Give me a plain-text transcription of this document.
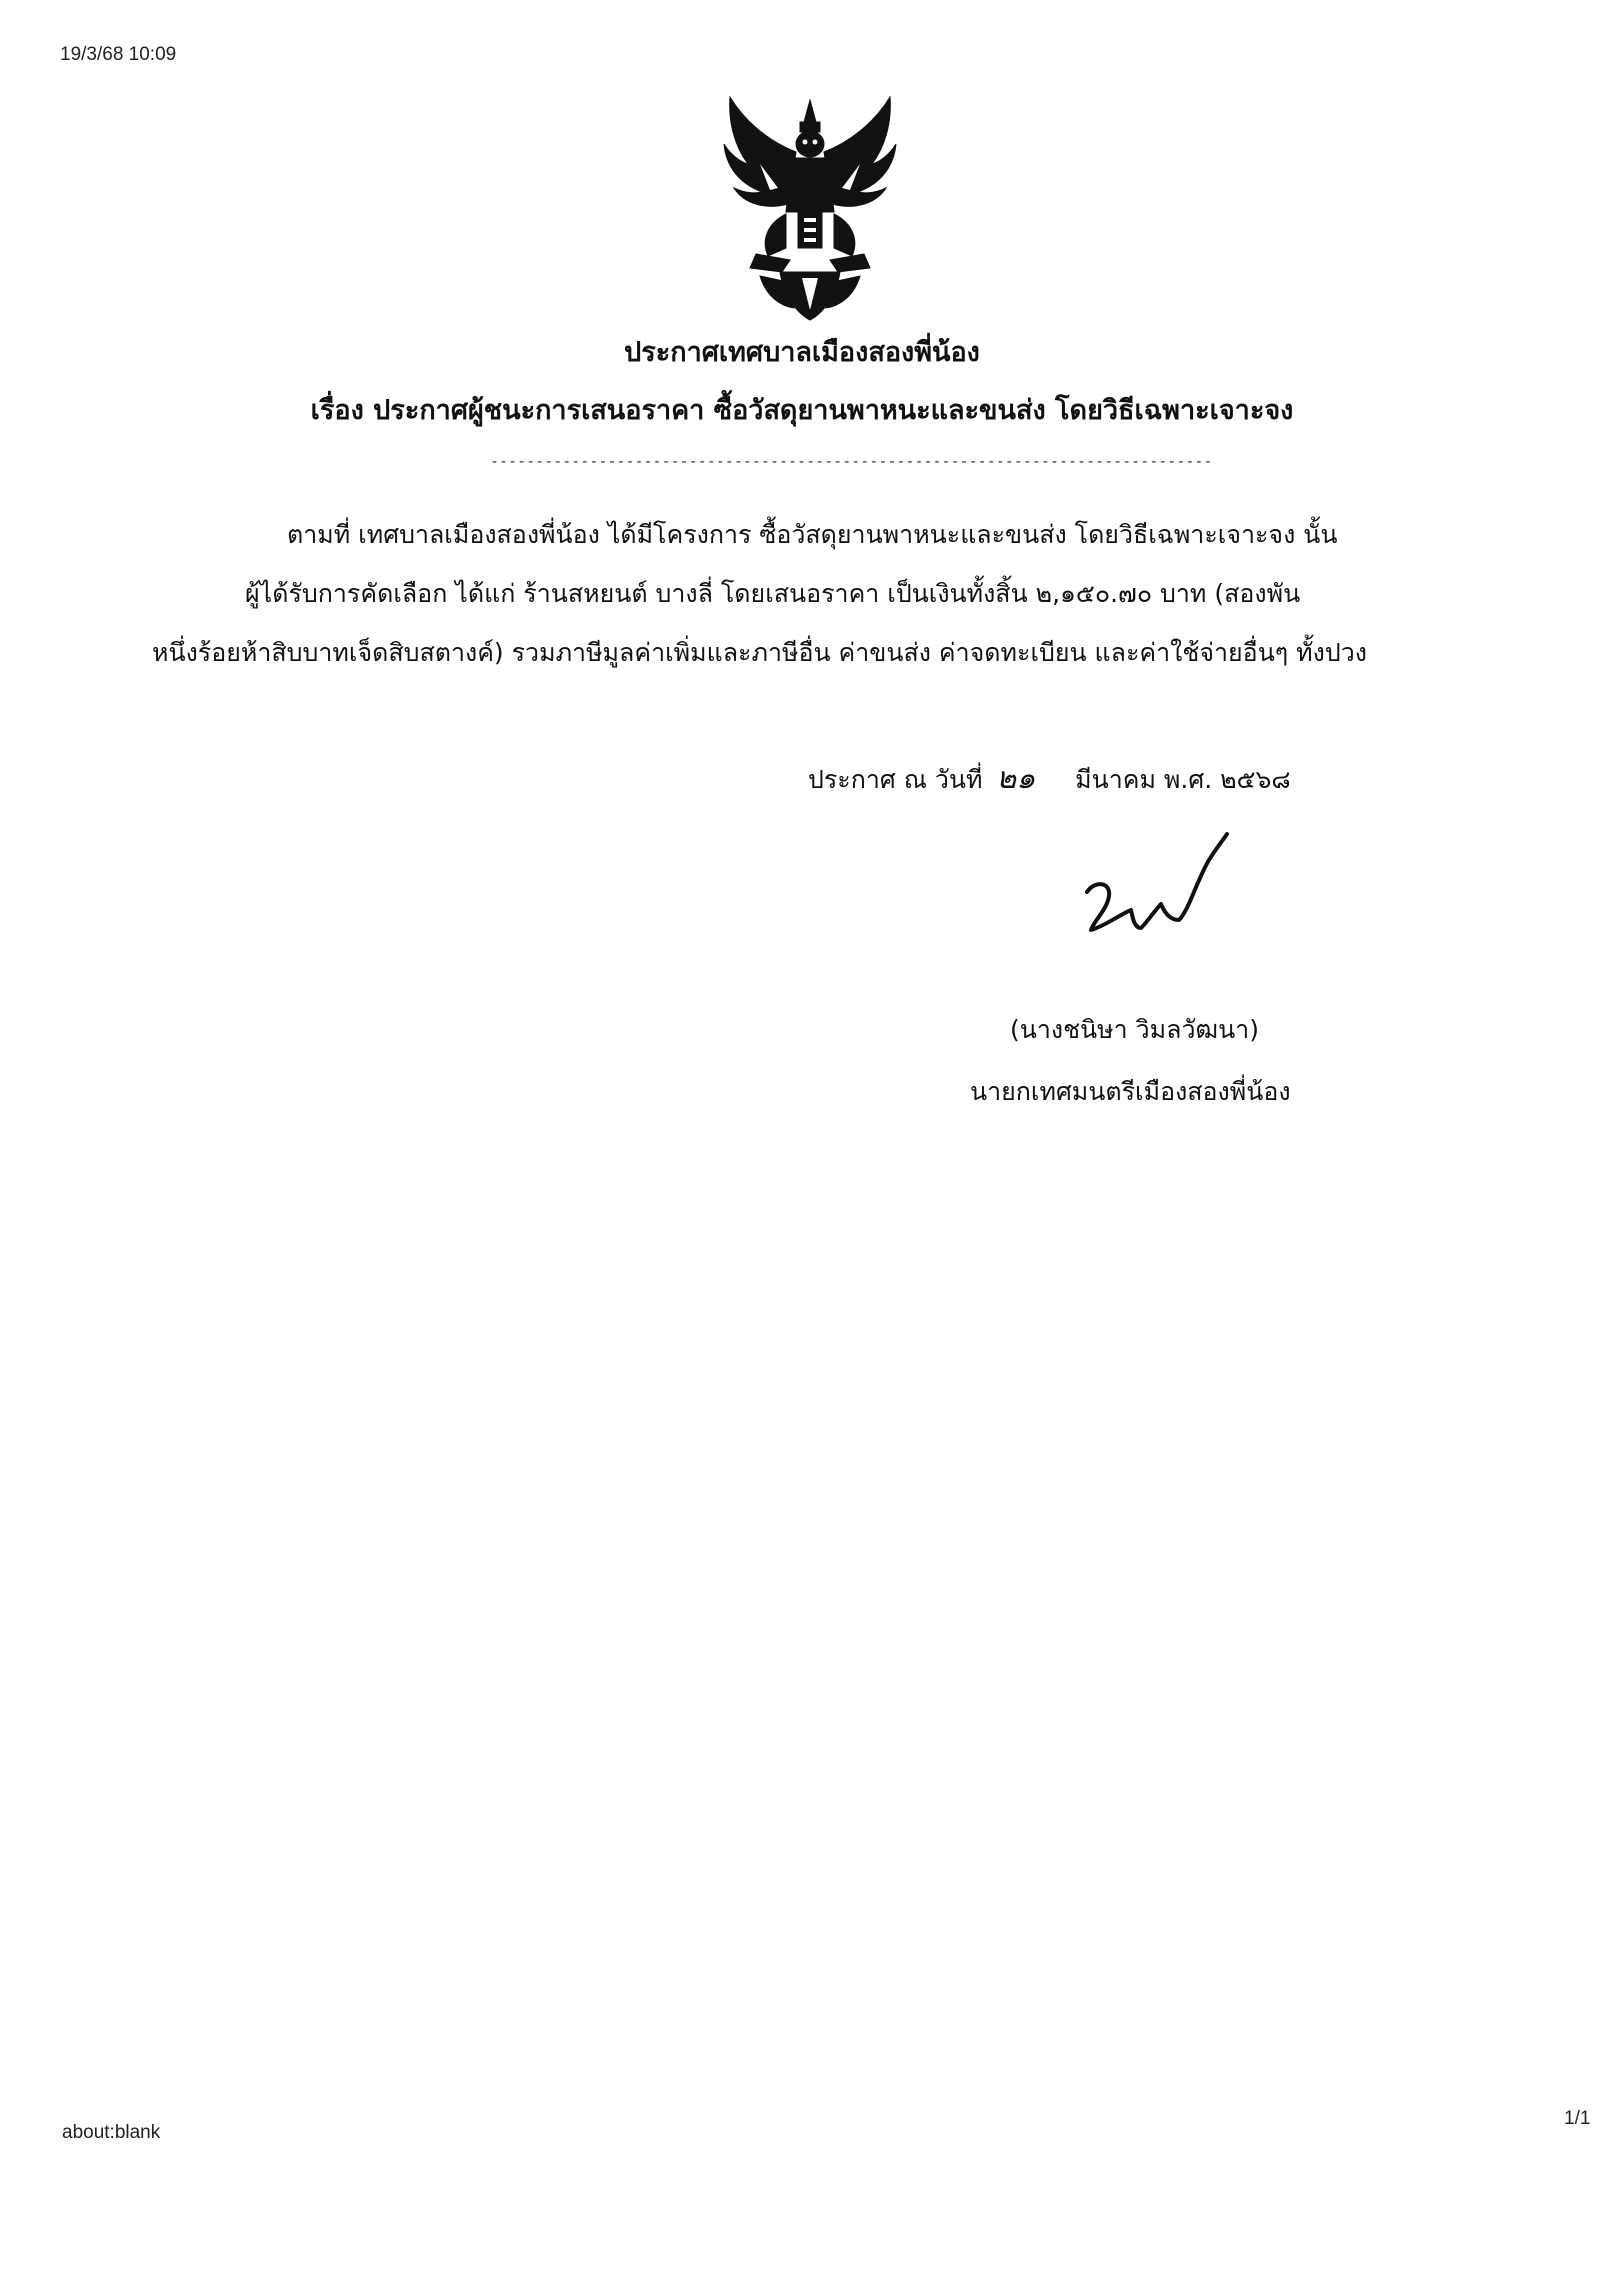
19/3/68 10:09
ประกาศเทศบาลเมืองสองพี่น้อง
เรื่อง ประกาศผู้ชนะการเสนอราคา ซื้อวัสดุยานพาหนะและขนส่ง โดยวิธีเฉพาะเจาะจง
--------------------------------------------------------------------------------
ตามที่ เทศบาลเมืองสองพี่น้อง ได้มีโครงการ ซื้อวัสดุยานพาหนะและขนส่ง โดยวิธีเฉพาะเจาะจง นั้น
ผู้ได้รับการคัดเลือก ได้แก่ ร้านสหยนต์ บางลี่ โดยเสนอราคา เป็นเงินทั้งสิ้น ๒,๑๕๐.๗๐ บาท (สองพัน
หนึ่งร้อยห้าสิบบาทเจ็ดสิบสตางค์) รวมภาษีมูลค่าเพิ่มและภาษีอื่น ค่าขนส่ง ค่าจดทะเบียน และค่าใช้จ่ายอื่นๆ ทั้งปวง
ประกาศ ณ วันที่ ๒๑ มีนาคม พ.ศ. ๒๕๖๘
(นางชนิษา วิมลวัฒนา)
นายกเทศมนตรีเมืองสองพี่น้อง
about:blank
1/1
